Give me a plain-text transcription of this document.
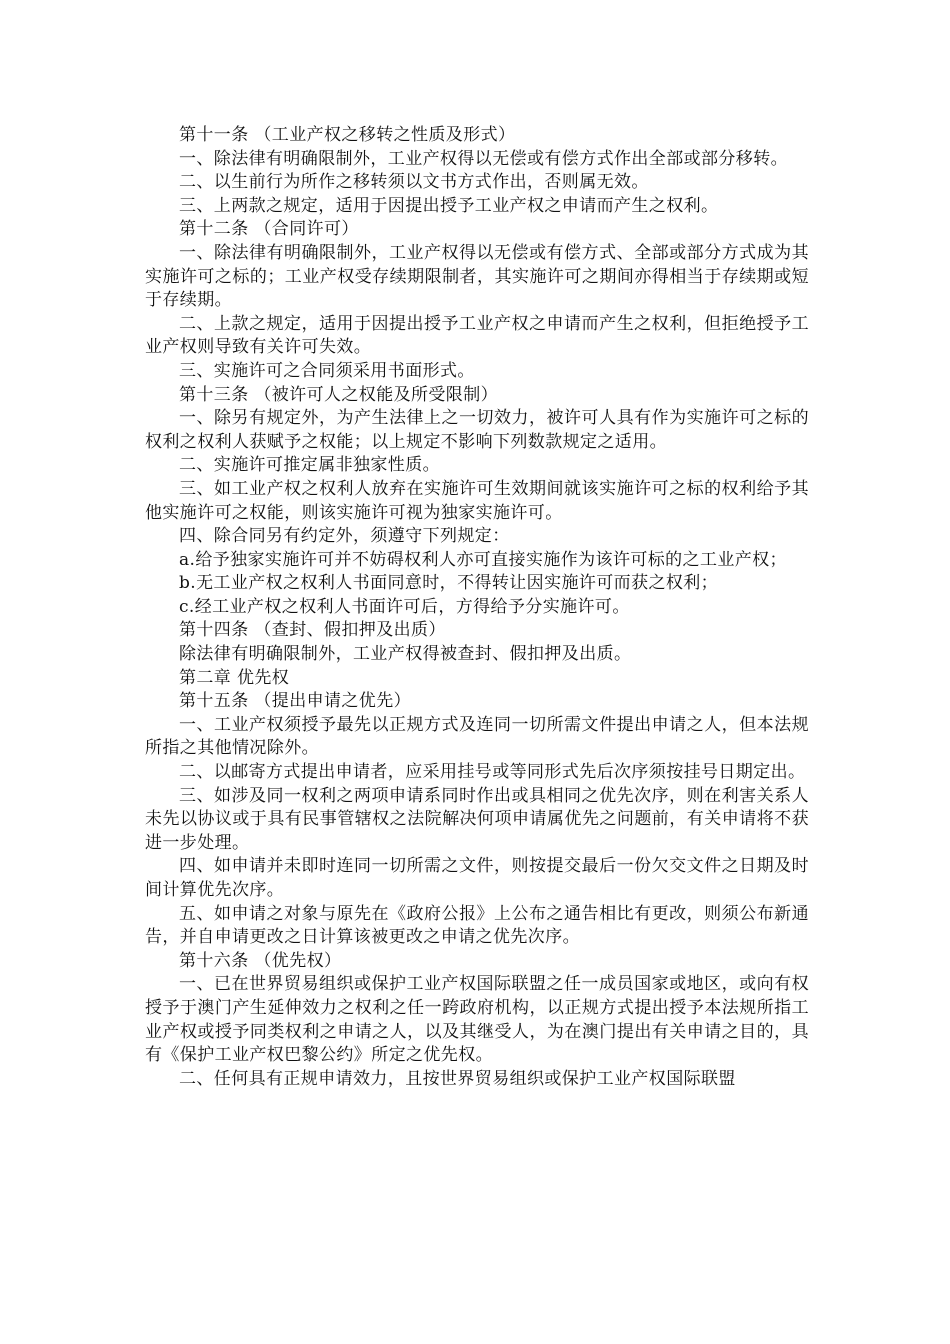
第十一条 （工业产权之移转之性质及形式）

一、除法律有明确限制外，工业产权得以无偿或有偿方式作出全部或部分移转。

二、以生前行为所作之移转须以文书方式作出，否则属无效。

三、上两款之规定，适用于因提出授予工业产权之申请而产生之权利。

第十二条 （合同许可）

一、除法律有明确限制外，工业产权得以无偿或有偿方式、全部或部分方式成为其实施许可之标的；工业产权受存续期限制者，其实施许可之期间亦得相当于存续期或短于存续期。

二、上款之规定，适用于因提出授予工业产权之申请而产生之权利，但拒绝授予工业产权则导致有关许可失效。

三、实施许可之合同须采用书面形式。

第十三条 （被许可人之权能及所受限制）

一、除另有规定外，为产生法律上之一切效力，被许可人具有作为实施许可之标的权利之权利人获赋予之权能；以上规定不影响下列数款规定之适用。

二、实施许可推定属非独家性质。

三、如工业产权之权利人放弃在实施许可生效期间就该实施许可之标的权利给予其他实施许可之权能，则该实施许可视为独家实施许可。

四、除合同另有约定外，须遵守下列规定：

a.给予独家实施许可并不妨碍权利人亦可直接实施作为该许可标的之工业产权；

b.无工业产权之权利人书面同意时，不得转让因实施许可而获之权利；

c.经工业产权之权利人书面许可后，方得给予分实施许可。

第十四条 （查封、假扣押及出质）

除法律有明确限制外，工业产权得被查封、假扣押及出质。

第二章 优先权

第十五条 （提出申请之优先）

一、工业产权须授予最先以正规方式及连同一切所需文件提出申请之人，但本法规所指之其他情况除外。

二、以邮寄方式提出申请者，应采用挂号或等同形式先后次序须按挂号日期定出。

三、如涉及同一权利之两项申请系同时作出或具相同之优先次序，则在利害关系人未先以协议或于具有民事管辖权之法院解决何项申请属优先之问题前，有关申请将不获进一步处理。

四、如申请并未即时连同一切所需之文件，则按提交最后一份欠交文件之日期及时间计算优先次序。

五、如申请之对象与原先在《政府公报》上公布之通告相比有更改，则须公布新通告，并自申请更改之日计算该被更改之申请之优先次序。

第十六条 （优先权）

一、已在世界贸易组织或保护工业产权国际联盟之任一成员国家或地区，或向有权授予于澳门产生延伸效力之权利之任一跨政府机构，以正规方式提出授予本法规所指工业产权或授予同类权利之申请之人，以及其继受人，为在澳门提出有关申请之目的，具有《保护工业产权巴黎公约》所定之优先权。

二、任何具有正规申请效力，且按世界贸易组织或保护工业产权国际联盟
